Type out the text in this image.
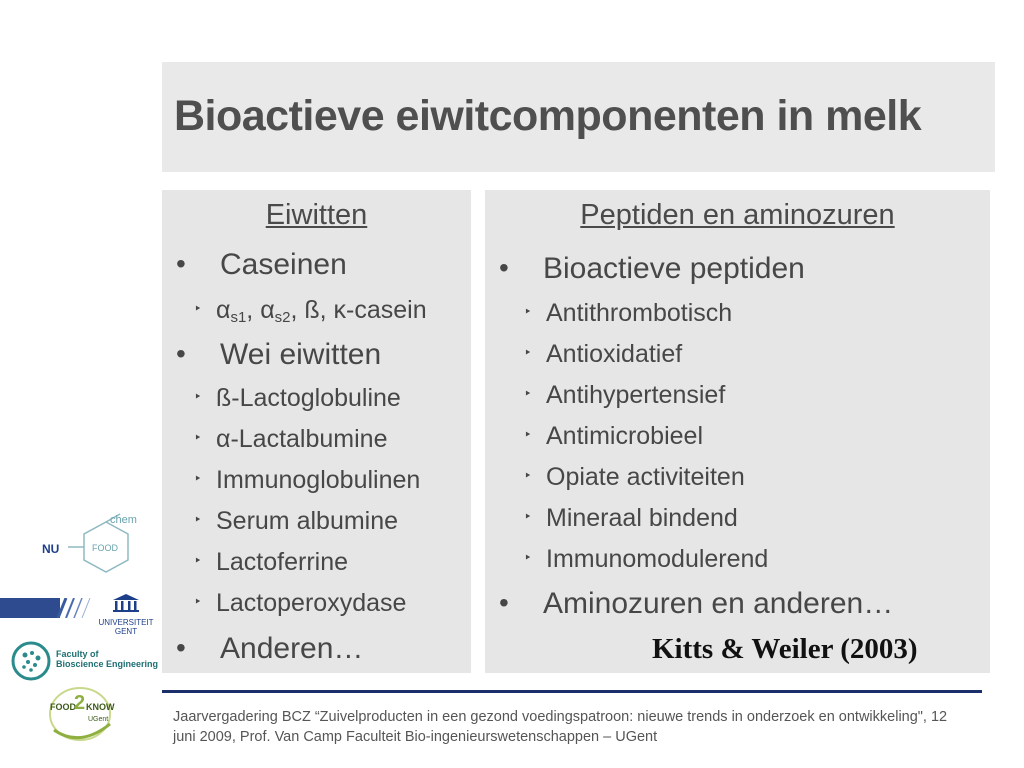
Bioactieve eiwitcomponenten in melk
Eiwitten
• Caseinen
‣ $\alpha_{s1}$, $\alpha_{s2}$, ß, κ-casein
• Wei eiwitten
‣ ß-Lactoglobuline
‣ α-Lactalbumine
‣ Immunoglobulinen
‣ Serum albumine
‣ Lactoferrine
‣ Lactoperoxydase
• Anderen…
Peptiden en aminozuren
• Bioactieve peptiden
‣ Antithrombotisch
‣ Antioxidatief
‣ Antihypertensief
‣ Antimicrobieel
‣ Opiate activiteiten
‣ Mineraal bindend
‣ Immunomodulerend
• Aminozuren en anderen…
Kitts & Weiler (2003)
chem
NU	FOOD
UNIVERSITEIT
GENT
Faculty of
Bioscience Engineering
FOOD
2 KNOW
UGent	Jaarvergadering BCZ “Zuivelproducten in een gezond voedingspatroon: nieuwe trends in onderzoek en ontwikkeling", 12 juni 2009, Prof. Van Camp Faculteit Bio-ingenieurswetenschappen – UGent
